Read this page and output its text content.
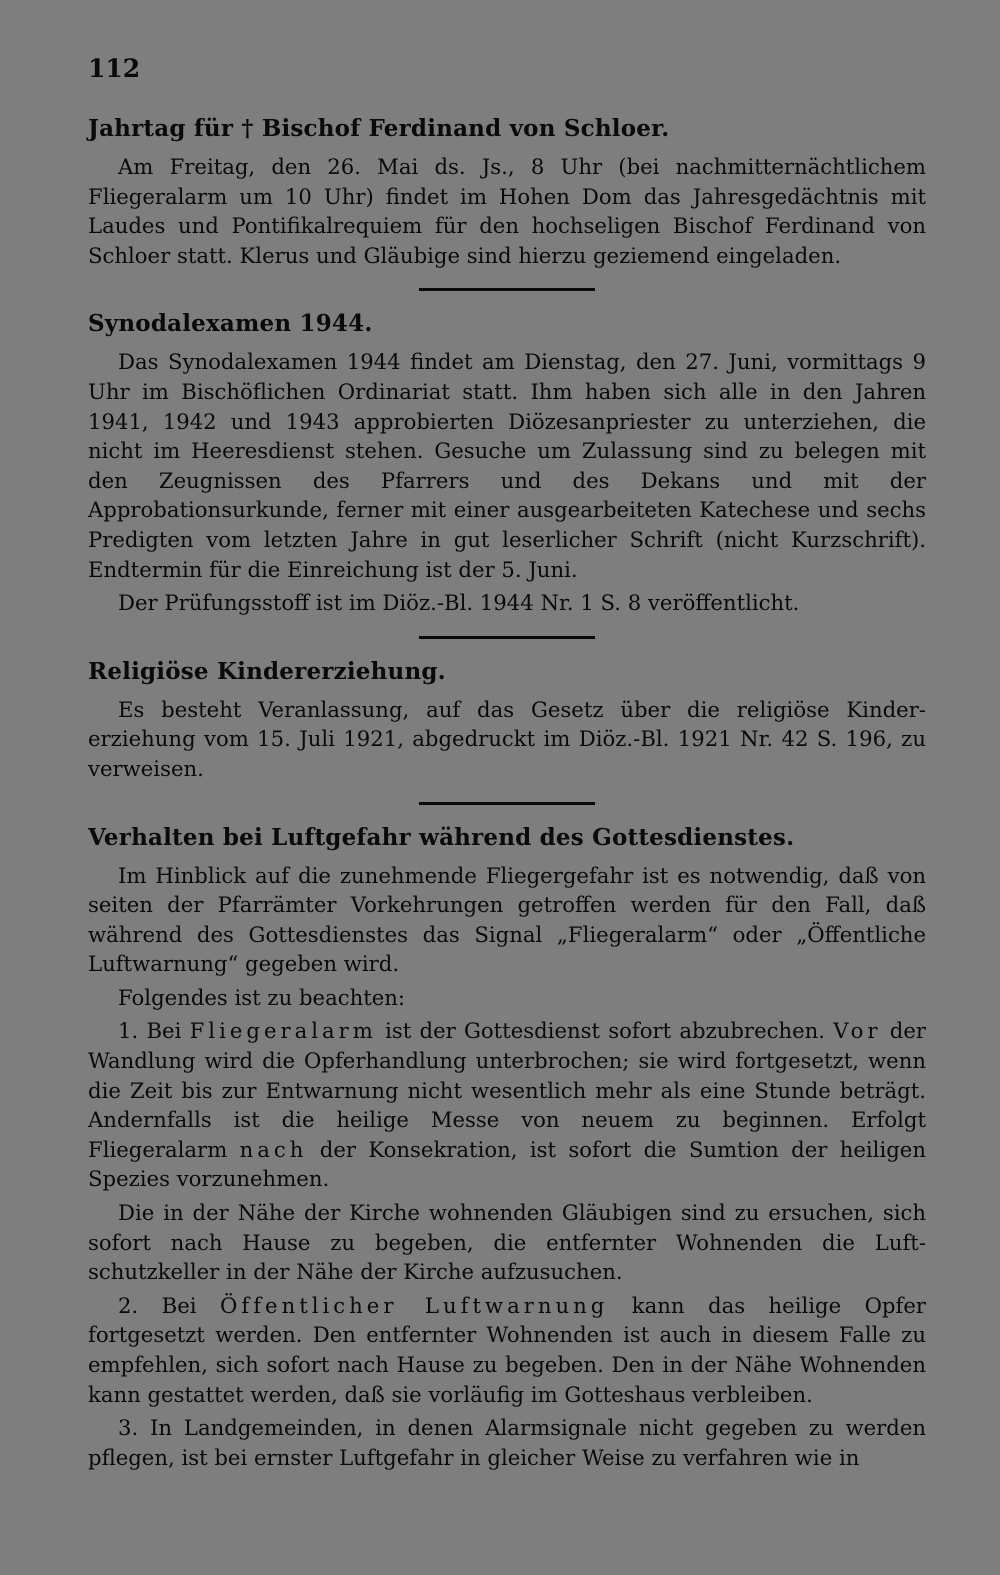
112
Jahrtag für † Bischof Ferdinand von Schloer.

Am Freitag, den 26. Mai ds. Js., 8 Uhr (bei nachmitternächtlichem Fliegeralarm um 10 Uhr) findet im Hohen Dom das Jahresgedächtnis mit Laudes und Pontifikalrequiem für den hochseligen Bischof Ferdinand von Schloer statt. Klerus und Gläubige sind hierzu geziemend eingeladen.

Synodalexamen 1944.

Das Synodalexamen 1944 findet am Dienstag, den 27. Juni, vormittags 9 Uhr im Bischöflichen Ordinariat statt. Ihm haben sich alle in den Jahren 1941, 1942 und 1943 approbierten Diözesanpriester zu unterziehen, die nicht im Heeresdienst stehen. Gesuche um Zulassung sind zu belegen mit den Zeugnissen des Pfarrers und des Dekans und mit der Approbationsurkunde, ferner mit einer ausgearbeiteten Katechese und sechs Predigten vom letzten Jahre in gut leserlicher Schrift (nicht Kurzschrift). Endtermin für die Einreichung ist der 5. Juni.

Der Prüfungsstoff ist im Diöz.-Bl. 1944 Nr. 1 S. 8 veröffentlicht.

Religiöse Kindererziehung.

Es besteht Veranlassung, auf das Gesetz über die religiöse Kindererziehung vom 15. Juli 1921, abgedruckt im Diöz.-Bl. 1921 Nr. 42 S. 196, zu verweisen.

Verhalten bei Luftgefahr während des Gottesdienstes.

Im Hinblick auf die zunehmende Fliegergefahr ist es notwendig, daß von seiten der Pfarrämter Vorkehrungen getroffen werden für den Fall, daß während des Gottesdienstes das Signal „Fliegeralarm“ oder „Öffentliche Luftwarnung“ gegeben wird.

Folgendes ist zu beachten:

1. Bei Fliegeralarm ist der Gottesdienst sofort abzubrechen. Vor der Wandlung wird die Opferhandlung unterbrochen; sie wird fortgesetzt, wenn die Zeit bis zur Entwarnung nicht wesentlich mehr als eine Stunde beträgt. Andernfalls ist die heilige Messe von neuem zu beginnen. Erfolgt Fliegeralarm nach der Konsekration, ist sofort die Sumtion der heiligen Spezies vorzunehmen.

Die in der Nähe der Kirche wohnenden Gläubigen sind zu ersuchen, sich sofort nach Hause zu begeben, die entfernter Wohnenden die Luftschutzkeller in der Nähe der Kirche aufzusuchen.

2. Bei Öffentlicher Luftwarnung kann das heilige Opfer fortgesetzt werden. Den entfernter Wohnenden ist auch in diesem Falle zu empfehlen, sich sofort nach Hause zu begeben. Den in der Nähe Wohnenden kann gestattet werden, daß sie vorläufig im Gotteshaus verbleiben.

3. In Landgemeinden, in denen Alarmsignale nicht gegeben zu werden pflegen, ist bei ernster Luftgefahr in gleicher Weise zu verfahren wie in
